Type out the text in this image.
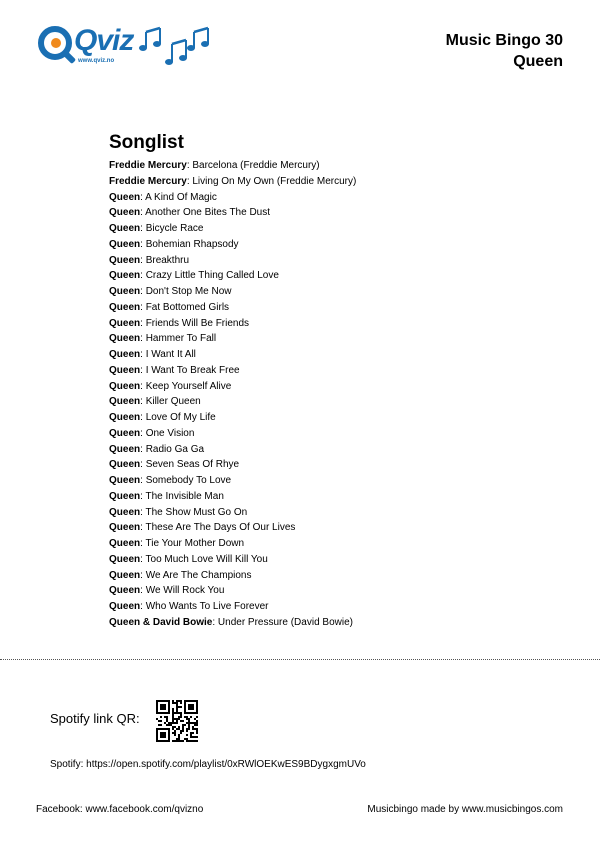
Qviz
www.qviz.no
Music Bingo 30
Queen
Songlist
Freddie Mercury: Barcelona (Freddie Mercury)
Freddie Mercury: Living On My Own (Freddie Mercury)
Queen: A Kind Of Magic
Queen: Another One Bites The Dust
Queen: Bicycle Race
Queen: Bohemian Rhapsody
Queen: Breakthru
Queen: Crazy Little Thing Called Love
Queen: Don't Stop Me Now
Queen: Fat Bottomed Girls
Queen: Friends Will Be Friends
Queen: Hammer To Fall
Queen: I Want It All
Queen: I Want To Break Free
Queen: Keep Yourself Alive
Queen: Killer Queen
Queen: Love Of My Life
Queen: One Vision
Queen: Radio Ga Ga
Queen: Seven Seas Of Rhye
Queen: Somebody To Love
Queen: The Invisible Man
Queen: The Show Must Go On
Queen: These Are The Days Of Our Lives
Queen: Tie Your Mother Down
Queen: Too Much Love Will Kill You
Queen: We Are The Champions
Queen: We Will Rock You
Queen: Who Wants To Live Forever
Queen & David Bowie: Under Pressure (David Bowie)
Spotify link QR:
Spotify: https://open.spotify.com/playlist/0xRWlOEKwES9BDygxgmUVo
Facebook: www.facebook.com/qvizno	Musicbingo made by www.musicbingos.com
